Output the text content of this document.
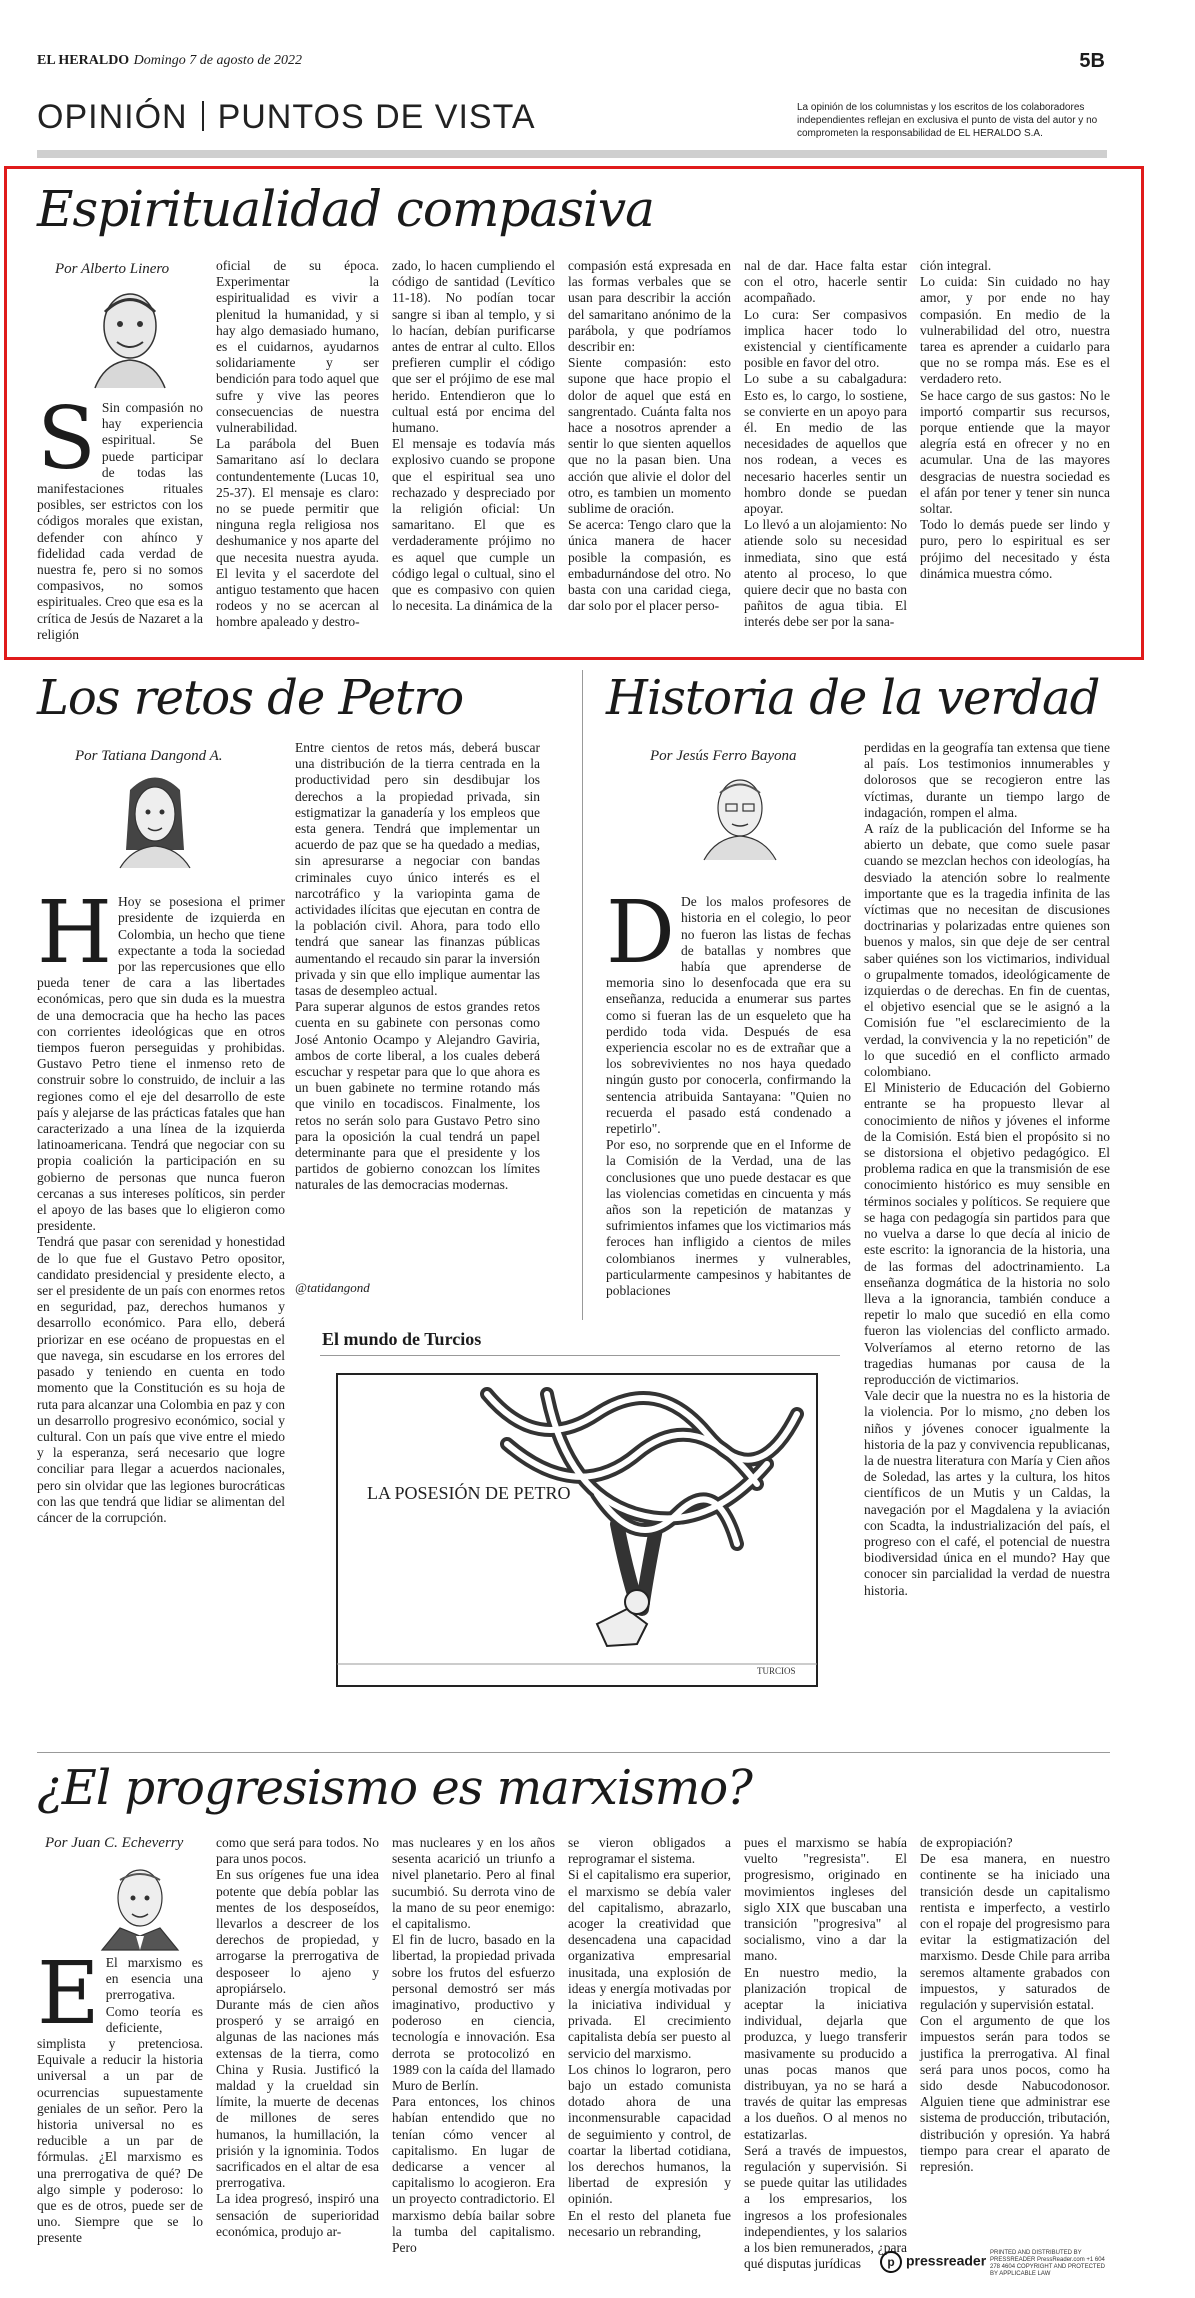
EL HERALDO Domingo 7 de agosto de 2022	5B
OPINIÓN PUNTOS DE VISTA	La opinión de los columnistas y los escritos de los colaboradores independientes reflejan en exclusiva el punto de vista del autor y no comprometen la responsabilidad de EL HERALDO S.A.
Espiritualidad compasiva
Por Alberto Linero
S Sin compasión no hay experiencia espiritual. Se puede participar de todas las manifestaciones rituales posibles, ser estrictos con los códigos morales que existan, defender con ahínco y fidelidad cada verdad de nuestra fe, pero si no somos compasivos, no somos espirituales. Creo que esa es la crítica de Jesús de Nazaret a la religión
oficial de su época. Experimentar la espiritualidad es vivir a plenitud la humanidad, y si hay algo demasiado humano, es el cuidarnos, ayudarnos solidariamente y ser bendición para todo aquel que sufre y vive las peores consecuencias de nuestra vulnerabilidad.
La parábola del Buen Samaritano así lo declara contundentemente (Lucas 10, 25-37). El mensaje es claro: no se puede permitir que ninguna regla religiosa nos deshumanice y nos aparte del que necesita nuestra ayuda. El levita y el sacerdote del antiguo testamento que hacen rodeos y no se acercan al hombre apaleado y destro-
zado, lo hacen cumpliendo el código de santidad (Levítico 11-18). No podían tocar sangre si iban al templo, y si lo hacían, debían purificarse antes de entrar al culto. Ellos prefieren cumplir el código que ser el prójimo de ese mal herido. Entendieron que lo cultual está por encima del humano.
El mensaje es todavía más explosivo cuando se propone que el espiritual sea uno rechazado y despreciado por la religión oficial: Un samaritano. El que es verdaderamente prójimo no es aquel que cumple un código legal o cultual, sino el que es compasivo con quien lo necesita. La dinámica de la
compasión está expresada en las formas verbales que se usan para describir la acción del samaritano anónimo de la parábola, y que podríamos describir en:
Siente compasión: esto supone que hace propio el dolor de aquel que está en sangrentado. Cuánta falta nos hace a nosotros aprender a sentir lo que sienten aquellos que no la pasan bien. Una acción que alivie el dolor del otro, es tambien un momento sublime de oración.
Se acerca: Tengo claro que la única manera de hacer posible la compasión, es embadurnándose del otro. No basta con una caridad ciega, dar solo por el placer perso-
nal de dar. Hace falta estar con el otro, hacerle sentir acompañado.
Lo cura: Ser compasivos implica hacer todo lo existencial y científicamente posible en favor del otro.
Lo sube a su cabalgadura: Esto es, lo cargo, lo sostiene, se convierte en un apoyo para él. En medio de las necesidades de aquellos que nos rodean, a veces es necesario hacerles sentir un hombro donde se puedan apoyar.
Lo llevó a un alojamiento: No atiende solo su necesidad inmediata, sino que está atento al proceso, lo que quiere decir que no basta con pañitos de agua tibia. El interés debe ser por la sana-
ción integral.
Lo cuida: Sin cuidado no hay amor, y por ende no hay compasión. En medio de la vulnerabilidad del otro, nuestra tarea es aprender a cuidarlo para que no se rompa más. Ese es el verdadero reto.
Se hace cargo de sus gastos: No le importó compartir sus recursos, porque entiende que la mayor alegría está en ofrecer y no en acumular. Una de las mayores desgracias de nuestra sociedad es el afán por tener y tener sin nunca soltar.
Todo lo demás puede ser lindo y puro, pero lo espiritual es ser prójimo del necesitado y ésta dinámica muestra cómo.
Los retos de Petro
Por Tatiana Dangond A.

H Hoy se posesiona el primer presidente de izquierda en Colombia, un hecho que tiene expectante a toda la sociedad por las repercusiones que ello pueda tener de cara a las libertades económicas, pero que sin duda es la muestra de una democracia que ha hecho las paces con corrientes ideológicas que en otros tiempos fueron perseguidas y prohibidas. Gustavo Petro tiene el inmenso reto de construir sobre lo construido, de incluir a las regiones como el eje del desarrollo de este país y alejarse de las prácticas fatales que han caracterizado a una línea de la izquierda latinoamericana. Tendrá que negociar con su propia coalición la participación en su gobierno de personas que nunca fueron cercanas a sus intereses políticos, sin perder el apoyo de las bases que lo eligieron como presidente.
Tendrá que pasar con serenidad y honestidad de lo que fue el Gustavo Petro opositor, candidato presidencial y presidente electo, a ser el presidente de un país con enormes retos en seguridad, paz, derechos humanos y desarrollo económico. Para ello, deberá priorizar en ese océano de propuestas en el que navega, sin escudarse en los errores del pasado y teniendo en cuenta en todo momento que la Constitución es su hoja de ruta para alcanzar una Colombia en paz y con un desarrollo progresivo económico, social y cultural. Con un país que vive entre el miedo y la esperanza, será necesario que logre conciliar para llegar a acuerdos nacionales, pero sin olvidar que las legiones burocráticas con las que tendrá que lidiar se alimentan del cáncer de la corrupción.

Entre cientos de retos más, deberá buscar una distribución de la tierra centrada en la productividad pero sin desdibujar los derechos a la propiedad privada, sin estigmatizar la ganadería y los empleos que esta genera. Tendrá que implementar un acuerdo de paz que se ha quedado a medias, sin apresurarse a negociar con bandas criminales cuyo único interés es el narcotráfico y la variopinta gama de actividades ilícitas que ejecutan en contra de la población civil. Ahora, para todo ello tendrá que sanear las finanzas públicas aumentando el recaudo sin parar la inversión privada y sin que ello implique aumentar las tasas de desempleo actual.
Para superar algunos de estos grandes retos cuenta en su gabinete con personas como José Antonio Ocampo y Alejandro Gaviria, ambos de corte liberal, a los cuales deberá escuchar y respetar para que lo que ahora es un buen gabinete no termine rotando más que vinilo en tocadiscos. Finalmente, los retos no serán solo para Gustavo Petro sino para la oposición la cual tendrá un papel determinante para que el presidente y los partidos de gobierno conozcan los límites naturales de las democracias modernas.
@tatidangond
Historia de la verdad
Por Jesús Ferro Bayona

D De los malos profesores de historia en el colegio, lo peor no fueron las listas de fechas de batallas y nombres que había que aprenderse de memoria sino lo desenfocada que era su enseñanza, reducida a enumerar sus partes como si fueran las de un esqueleto que ha perdido toda vida. Después de esa experiencia escolar no es de extrañar que a los sobrevivientes no nos haya quedado ningún gusto por conocerla, confirmando la sentencia atribuida Santayana: "Quien no recuerda el pasado está condenado a repetirlo".
Por eso, no sorprende que en el Informe de la Comisión de la Verdad, una de las conclusiones que uno puede destacar es que las violencias cometidas en cincuenta y más años son la repetición de matanzas y sufrimientos infames que los victimarios más feroces han infligido a cientos de miles colombianos inermes y vulnerables, particularmente campesinos y habitantes de poblaciones

perdidas en la geografía tan extensa que tiene al país. Los testimonios innumerables y dolorosos que se recogieron entre las víctimas, durante un tiempo largo de indagación, rompen el alma.
A raíz de la publicación del Informe se ha abierto un debate, que como suele pasar cuando se mezclan hechos con ideologías, ha desviado la atención sobre lo realmente importante que es la tragedia infinita de las víctimas que no necesitan de discusiones doctrinarias y polarizadas entre quienes son buenos y malos, sin que deje de ser central saber quiénes son los victimarios, individual o grupalmente tomados, ideológicamente de izquierdas o de derechas. En fin de cuentas, el objetivo esencial que se le asignó a la Comisión fue "el esclarecimiento de la verdad, la convivencia y la no repetición" de lo que sucedió en el conflicto armado colombiano.
El Ministerio de Educación del Gobierno entrante se ha propuesto llevar al conocimiento de niños y jóvenes el informe de la Comisión. Está bien el propósito si no se distorsiona el objetivo pedagógico. El problema radica en que la transmisión de ese conocimiento histórico es muy sensible en términos sociales y políticos. Se requiere que se haga con pedagogía sin partidos para que no vuelva a darse lo que decía al inicio de este escrito: la ignorancia de la historia, una de las formas del adoctrinamiento. La enseñanza dogmática de la historia no solo lleva a la ignorancia, también conduce a repetir lo malo que sucedió en ella como fueron las violencias del conflicto armado. Volveríamos al eterno retorno de las tragedias humanas por causa de la reproducción de victimarios.
Vale decir que la nuestra no es la historia de la violencia. Por lo mismo, ¿no deben los niños y jóvenes conocer igualmente la historia de la paz y convivencia republicanas, la de nuestra literatura con María y Cien años de Soledad, las artes y la cultura, los hitos científicos de un Mutis y un Caldas, la navegación por el Magdalena y la aviación con Scadta, la industrialización del país, el progreso con el café, el potencial de nuestra biodiversidad única en el mundo? Hay que conocer sin parcialidad la verdad de nuestra historia.
El mundo de Turcios
LA POSESIÓN DE PETRO
TURCIOS
¿El progresismo es marxismo?
Por Juan C. Echeverry
E El marxismo es en esencia una prerrogativa. Como teoría es deficiente, simplista y pretenciosa. Equivale a reducir la historia universal a un par de ocurrencias supuestamente geniales de un señor. Pero la historia universal no es reducible a un par de fórmulas. ¿El marxismo es una prerrogativa de qué? De algo simple y poderoso: lo que es de otros, puede ser de uno. Siempre que se lo presente
como que será para todos. No para unos pocos.
En sus orígenes fue una idea potente que debía poblar las mentes de los desposeídos, llevarlos a descreer de los derechos de propiedad, y arrogarse la prerrogativa de desposeer lo ajeno y apropiárselo.
Durante más de cien años prosperó y se arraigó en algunas de las naciones más extensas de la tierra, como China y Rusia. Justificó la maldad y la crueldad sin límite, la muerte de decenas de millones de seres humanos, la humillación, la prisión y la ignominia. Todos sacrificados en el altar de esa prerrogativa.
La idea progresó, inspiró una sensación de superioridad económica, produjo ar-
mas nucleares y en los años sesenta acarició un triunfo a nivel planetario. Pero al final sucumbió. Su derrota vino de la mano de su peor enemigo: el capitalismo.
El fin de lucro, basado en la libertad, la propiedad privada sobre los frutos del esfuerzo personal demostró ser más imaginativo, productivo y poderoso en ciencia, tecnología e innovación. Esa derrota se protocolizó en 1989 con la caída del llamado Muro de Berlín.
Para entonces, los chinos habían entendido que no tenían cómo vencer al capitalismo. En lugar de dedicarse a vencer al capitalismo lo acogieron. Era un proyecto contradictorio. El marxismo debía bailar sobre la tumba del capitalismo. Pero
se vieron obligados a reprogramar el sistema.
Si el capitalismo era superior, el marxismo se debía valer del capitalismo, abrazarlo, acoger la creatividad que desencadena una capacidad organizativa empresarial inusitada, una explosión de ideas y energía motivadas por la iniciativa individual y privada. El crecimiento capitalista debía ser puesto al servicio del marxismo.
Los chinos lo lograron, pero bajo un estado comunista dotado ahora de una inconmensurable capacidad de seguimiento y control, de coartar la libertad cotidiana, los derechos humanos, la libertad de expresión y opinión.
En el resto del planeta fue necesario un rebranding,
pues el marxismo se había vuelto "regresista". El progresismo, originado en movimientos ingleses del siglo XIX que buscaban una transición "progresiva" al socialismo, vino a dar la mano.
En nuestro medio, la planización tropical de aceptar la iniciativa individual, dejarla que produzca, y luego transferir masivamente su producido a unas pocas manos que distribuyan, ya no se hará a través de quitar las empresas a los dueños. O al menos no estatizarlas.
Será a través de impuestos, regulación y supervisión. Si se puede quitar las utilidades a los empresarios, los ingresos a los profesionales independientes, y los salarios a los bien remunerados, ¿para qué disputas jurídicas
de expropiación?
De esa manera, en nuestro continente se ha iniciado una transición desde un capitalismo rentista e imperfecto, a vestirlo con el ropaje del progresismo para evitar la estigmatización del marxismo. Desde Chile para arriba seremos altamente grabados con impuestos, y saturados de regulación y supervisión estatal.
Con el argumento de que los impuestos serán para todos se justifica la prerrogativa. Al final será para unos pocos, como ha sido desde Nabucodonosor. Alguien tiene que administrar ese sistema de producción, tributación, distribución y opresión. Ya habrá tiempo para crear el aparato de represión.
p pressreader PRINTED AND DISTRIBUTED BY PRESSREADER PressReader.com +1 604 278 4604 COPYRIGHT AND PROTECTED BY APPLICABLE LAW
